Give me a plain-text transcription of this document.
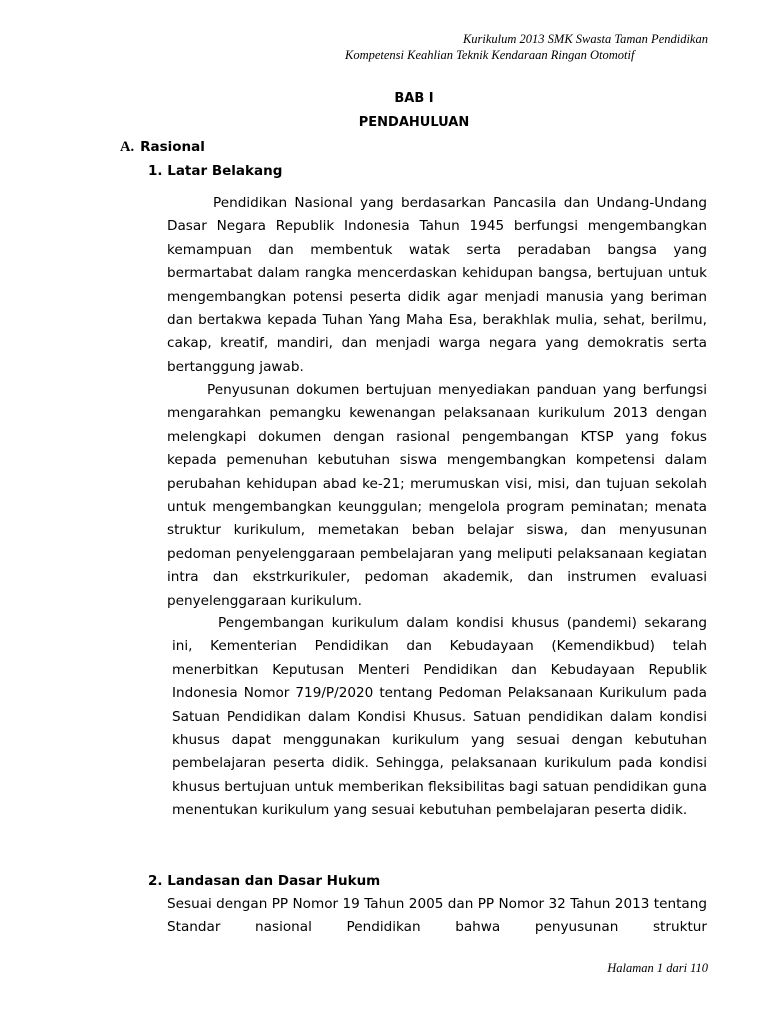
Kurikulum 2013 SMK Swasta Taman Pendidikan
Kompetensi Keahlian Teknik Kendaraan Ringan Otomotif
BAB I
PENDAHULUAN
A. Rasional
1. Latar Belakang

Pendidikan Nasional yang berdasarkan Pancasila dan Undang-Undang Dasar Negara Republik Indonesia Tahun 1945 berfungsi mengembangkan kemampuan dan membentuk watak serta peradaban bangsa yang bermartabat dalam rangka mencerdaskan kehidupan bangsa, bertujuan untuk mengembangkan potensi peserta didik agar menjadi manusia yang beriman dan bertakwa kepada Tuhan Yang Maha Esa, berakhlak mulia, sehat, berilmu, cakap, kreatif, mandiri, dan menjadi warga negara yang demokratis serta bertanggung jawab.

Penyusunan dokumen bertujuan menyediakan panduan yang berfungsi mengarahkan pemangku kewenangan pelaksanaan kurikulum 2013 dengan melengkapi dokumen dengan rasional pengembangan KTSP yang fokus kepada pemenuhan kebutuhan siswa mengembangkan kompetensi dalam perubahan kehidupan abad ke-21; merumuskan visi, misi, dan tujuan sekolah untuk mengembangkan keunggulan; mengelola program peminatan; menata struktur kurikulum, memetakan beban belajar siswa, dan menyusunan pedoman penyelenggaraan pembelajaran yang meliputi pelaksanaan kegiatan intra dan ekstrkurikuler, pedoman akademik, dan instrumen evaluasi penyelenggaraan kurikulum.

Pengembangan kurikulum dalam kondisi khusus (pandemi) sekarang ini, Kementerian Pendidikan dan Kebudayaan (Kemendikbud) telah menerbitkan Keputusan Menteri Pendidikan dan Kebudayaan Republik Indonesia Nomor 719/P/2020 tentang Pedoman Pelaksanaan Kurikulum pada Satuan Pendidikan dalam Kondisi Khusus. Satuan pendidikan dalam kondisi khusus dapat menggunakan kurikulum yang sesuai dengan kebutuhan pembelajaran peserta didik. Sehingga, pelaksanaan kurikulum pada kondisi khusus bertujuan untuk memberikan fleksibilitas bagi satuan pendidikan guna menentukan kurikulum yang sesuai kebutuhan pembelajaran peserta didik.

2. Landasan dan Dasar Hukum

Sesuai dengan PP Nomor 19 Tahun 2005 dan PP Nomor 32 Tahun 2013 tentang Standar nasional Pendidikan bahwa penyusunan struktur

Halaman 1 dari 110
